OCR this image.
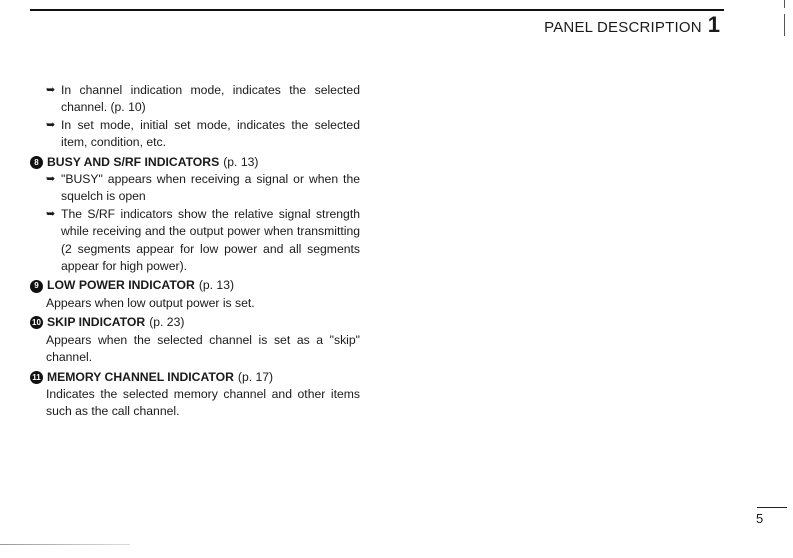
PANEL DESCRIPTION 1
➥ In channel indication mode, indicates the selected channel. (p. 10)
➥ In set mode, initial set mode, indicates the selected item, condition, etc.
8 BUSY AND S/RF INDICATORS (p. 13)
➥ "BUSY" appears when receiving a signal or when the squelch is open
➥ The S/RF indicators show the relative signal strength while receiving and the output power when transmitting (2 segments appear for low power and all segments appear for high power).
9 LOW POWER INDICATOR (p. 13)
Appears when low output power is set.
10 SKIP INDICATOR (p. 23)
Appears when the selected channel is set as a "skip" channel.
11 MEMORY CHANNEL INDICATOR (p. 17)
Indicates the selected memory channel and other items such as the call channel.
5
